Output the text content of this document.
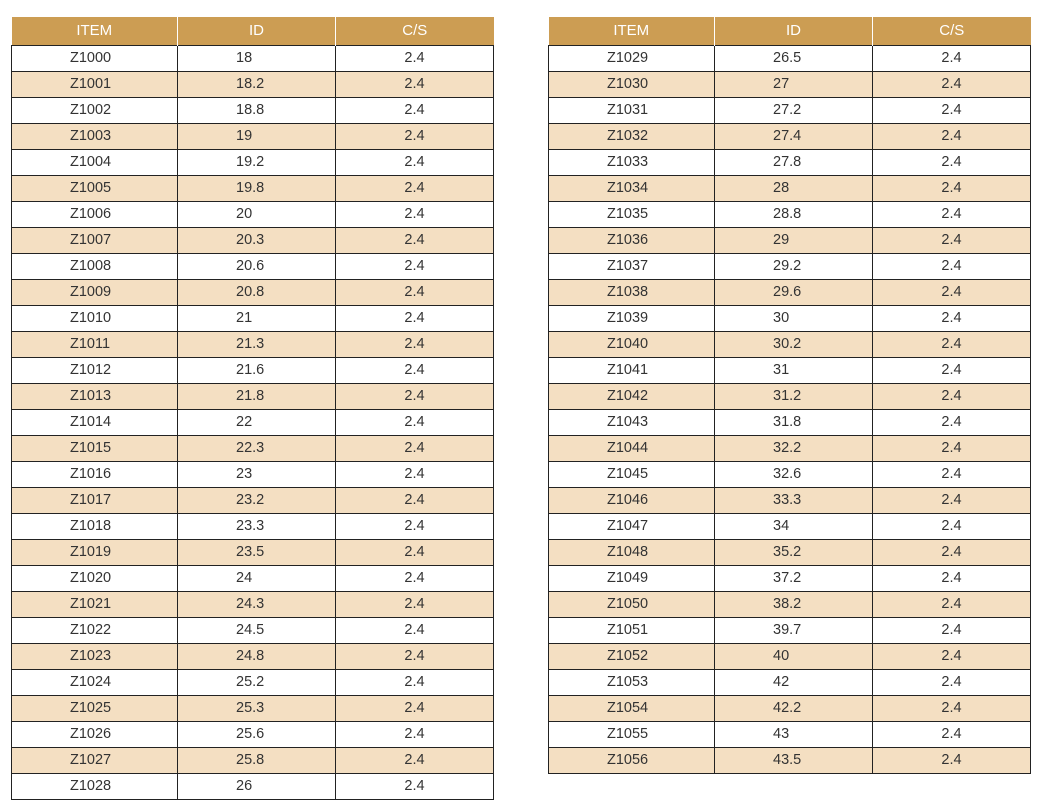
ITEM	ID	C/S
Z1000	18	2.4
Z1001	18.2	2.4
Z1002	18.8	2.4
Z1003	19	2.4
Z1004	19.2	2.4
Z1005	19.8	2.4
Z1006	20	2.4
Z1007	20.3	2.4
Z1008	20.6	2.4
Z1009	20.8	2.4
Z1010	21	2.4
Z1011	21.3	2.4
Z1012	21.6	2.4
Z1013	21.8	2.4
Z1014	22	2.4
Z1015	22.3	2.4
Z1016	23	2.4
Z1017	23.2	2.4
Z1018	23.3	2.4
Z1019	23.5	2.4
Z1020	24	2.4
Z1021	24.3	2.4
Z1022	24.5	2.4
Z1023	24.8	2.4
Z1024	25.2	2.4
Z1025	25.3	2.4
Z1026	25.6	2.4
Z1027	25.8	2.4
Z1028	26	2.4
ITEM	ID	C/S
Z1029	26.5	2.4
Z1030	27	2.4
Z1031	27.2	2.4
Z1032	27.4	2.4
Z1033	27.8	2.4
Z1034	28	2.4
Z1035	28.8	2.4
Z1036	29	2.4
Z1037	29.2	2.4
Z1038	29.6	2.4
Z1039	30	2.4
Z1040	30.2	2.4
Z1041	31	2.4
Z1042	31.2	2.4
Z1043	31.8	2.4
Z1044	32.2	2.4
Z1045	32.6	2.4
Z1046	33.3	2.4
Z1047	34	2.4
Z1048	35.2	2.4
Z1049	37.2	2.4
Z1050	38.2	2.4
Z1051	39.7	2.4
Z1052	40	2.4
Z1053	42	2.4
Z1054	42.2	2.4
Z1055	43	2.4
Z1056	43.5	2.4
